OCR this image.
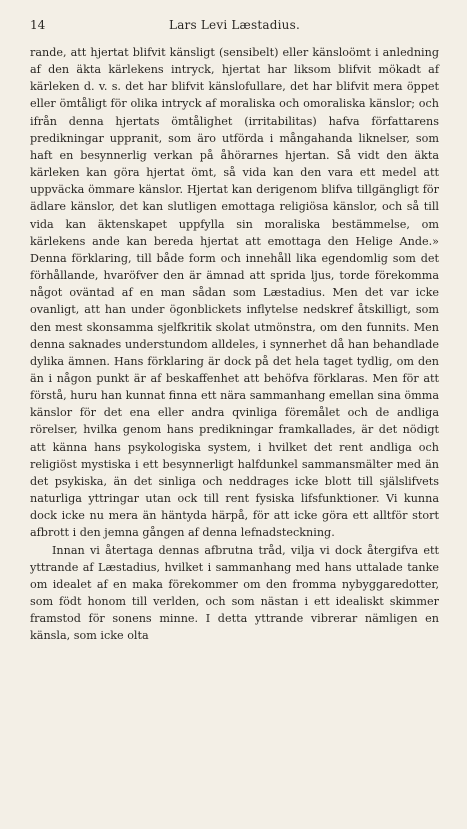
14	Lars Levi Læstadius.

rande, att hjertat blifvit känsligt (sensibelt) eller känsloömt i anledning af den äkta kärlekens intryck, hjertat har liksom blifvit mökadt af kärleken d. v. s. det har blifvit känslofullare, det har blifvit mera öppet eller ömtåligt för olika intryck af moraliska och omoraliska känslor; och ifrån denna hjertats ömtålighet (irritabilitas) hafva författarens predikningar uppranit, som äro utförda i mångahanda liknelser, som haft en besynnerlig verkan på åhörarnes hjertan. Så vidt den äkta kärleken kan göra hjertat ömt, så vida kan den vara ett medel att uppväcka ömmare känslor. Hjertat kan derigenom blifva tillgängligt för ädlare känslor, det kan slutligen emottaga religiösa känslor, och så till vida kan äktenskapet uppfylla sin moraliska bestämmelse, om kärlekens ande kan bereda hjertat att emottaga den Helige Ande.» Denna förklaring, till både form och innehåll lika egendomlig som det förhållande, hvaröfver den är ämnad att sprida ljus, torde förekomma något oväntad af en man sådan som Læstadius. Men det var icke ovanligt, att han under ögonblickets inflytelse nedskref åtskilligt, som den mest skonsamma sjelfkritik skolat utmönstra, om den funnits. Men denna saknades understundom alldeles, i synnerhet då han behandlade dylika ämnen. Hans förklaring är dock på det hela taget tydlig, om den än i någon punkt är af beskaffenhet att behöfva förklaras. Men för att förstå, huru han kunnat finna ett nära sammanhang emellan sina ömma känslor för det ena eller andra qvinliga föremålet och de andliga rörelser, hvilka genom hans predikningar framkallades, är det nödigt att känna hans psykologiska system, i hvilket det rent andliga och religiöst mystiska i ett besynnerligt halfdunkel sammansmälter med än det psykiska, än det sinliga och neddrages icke blott till själslifvets naturliga yttringar utan ock till rent fysiska lifsfunktioner. Vi kunna dock icke nu mera än häntyda härpå, för att icke göra ett alltför stort afbrott i den jemna gången af denna lefnadsteckning.

Innan vi återtaga dennas afbrutna tråd, vilja vi dock återgifva ett yttrande af Læstadius, hvilket i sammanhang med hans uttalade tanke om idealet af en maka förekommer om den fromma nybyggaredotter, som födt honom till verlden, och som nästan i ett idealiskt skimmer framstod för sonens minne. I detta yttrande vibrerar nämligen en känsla, som icke olta
